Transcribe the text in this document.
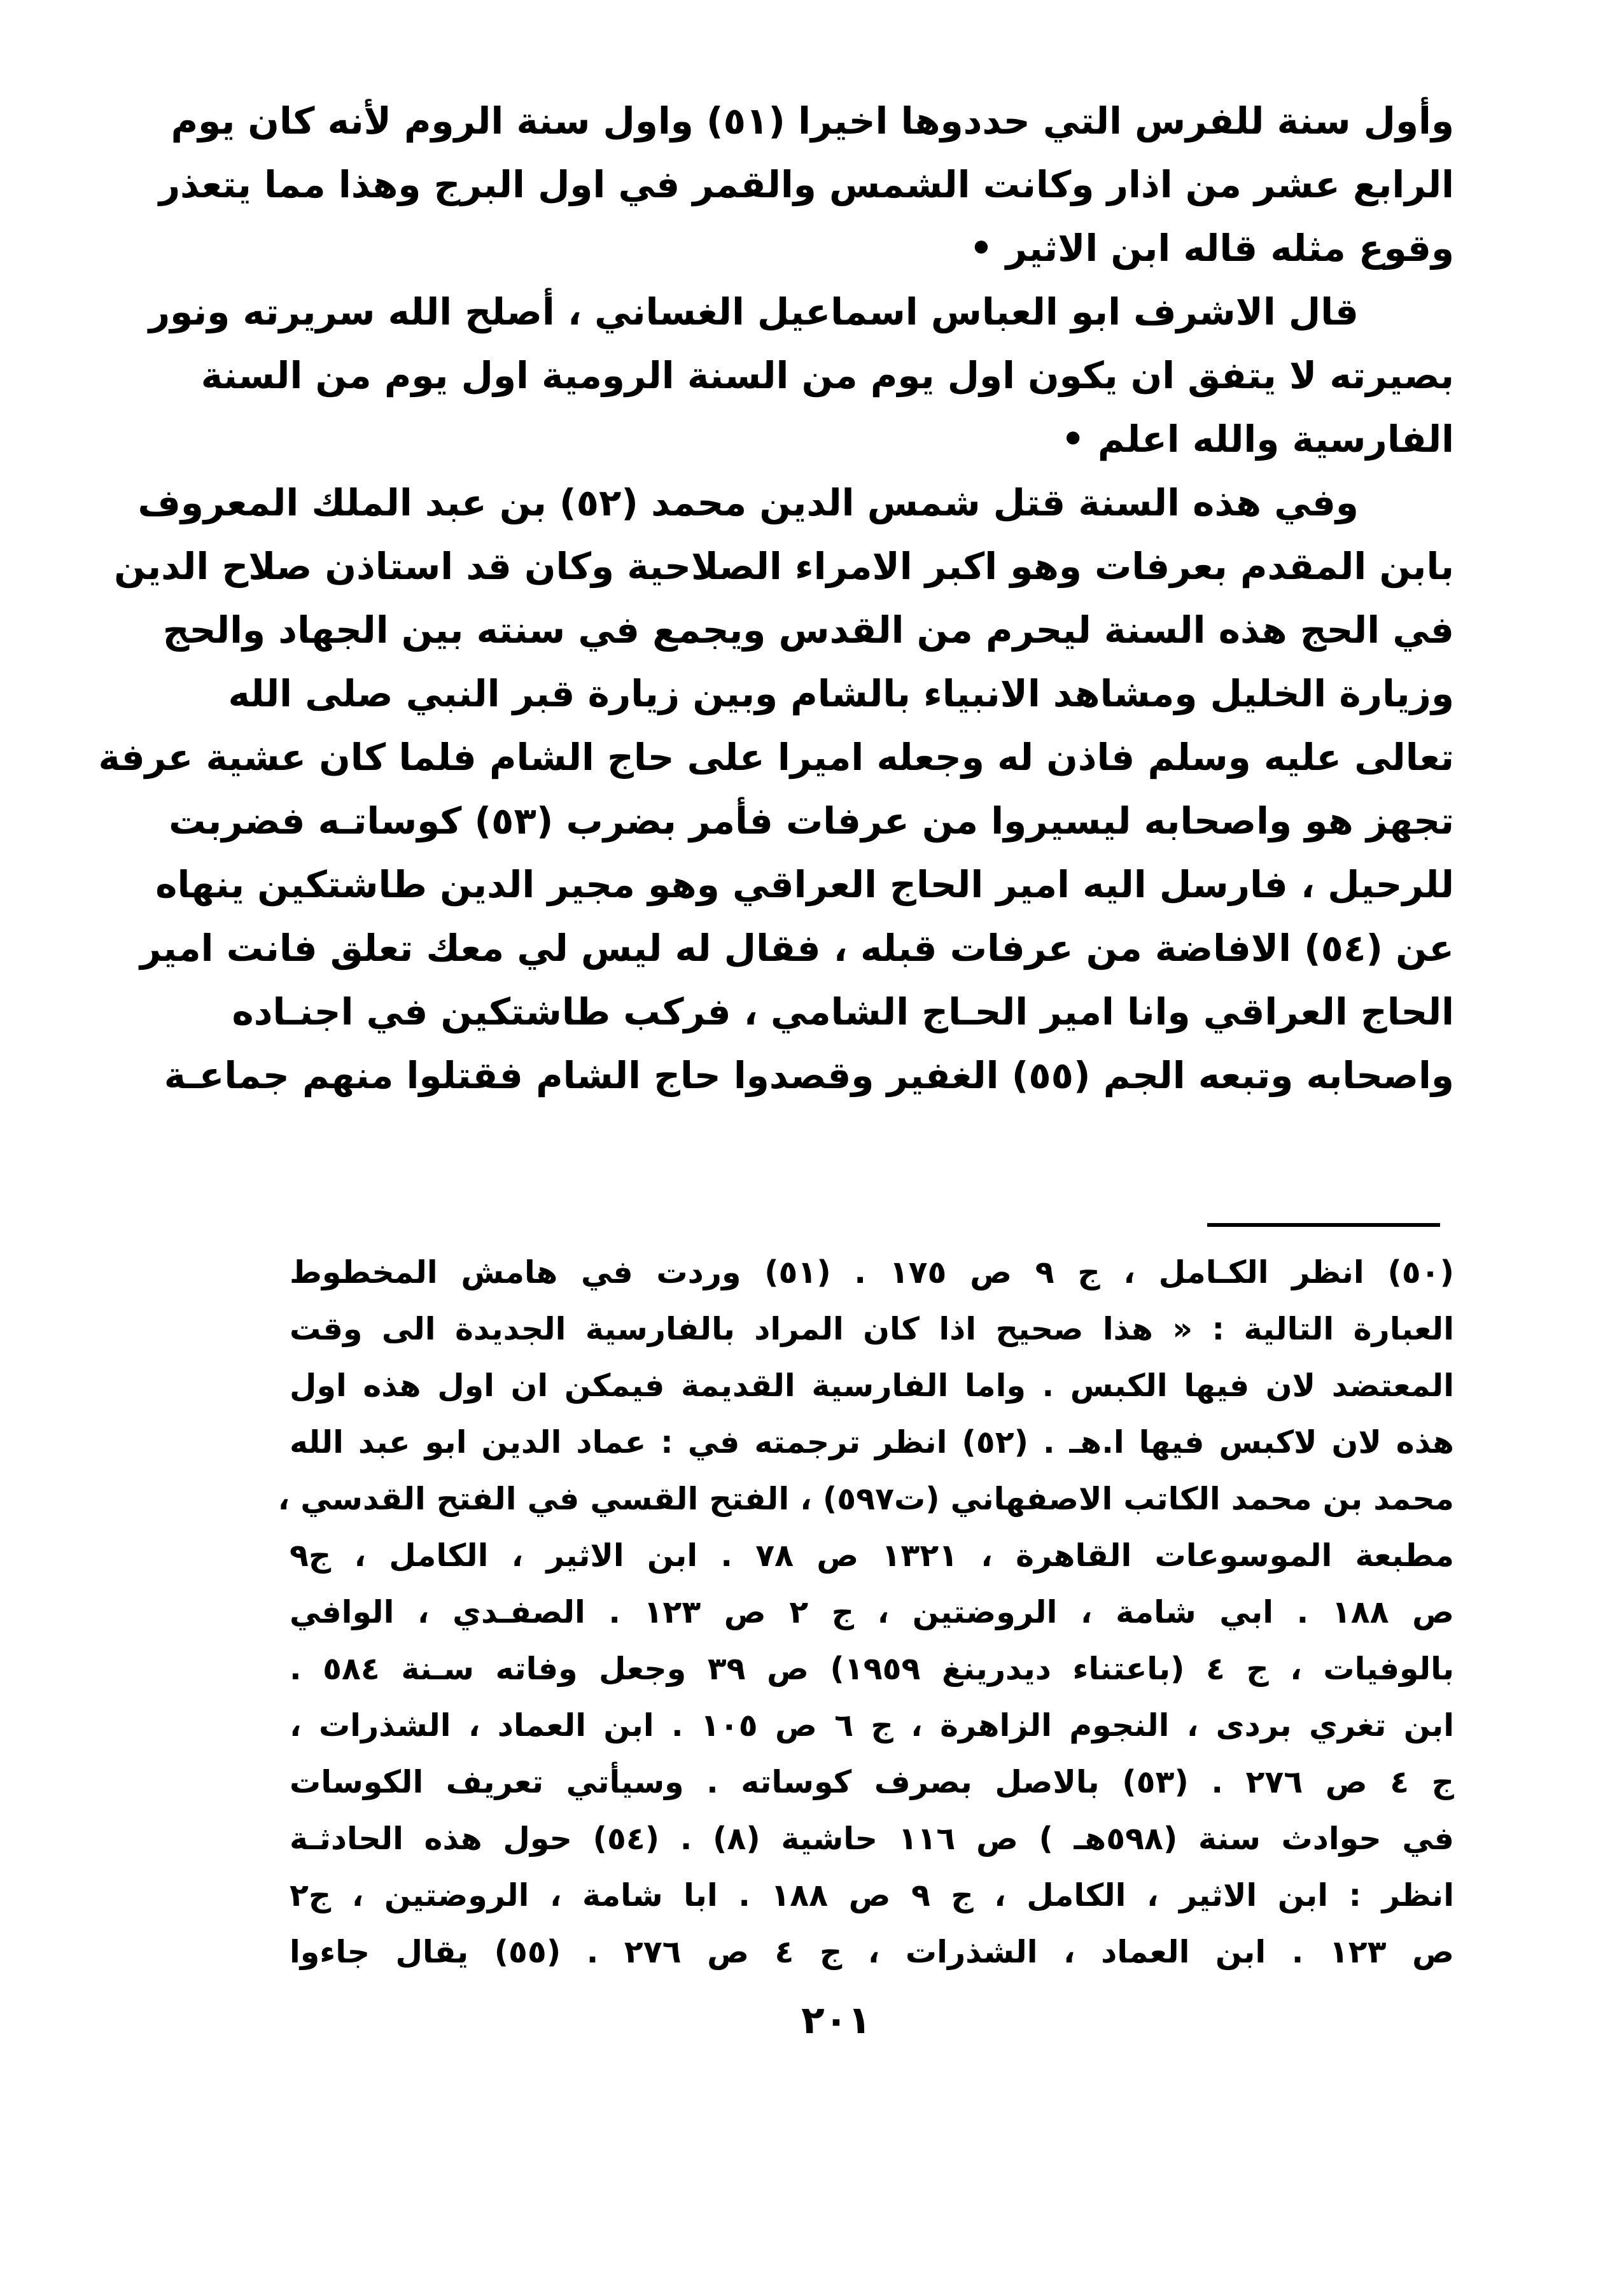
وأول سنة للفرس التي حددوها اخيرا (٥١) واول سنة الروم لأنه كان يوم
الرابع عشر من اذار وكانت الشمس والقمر في اول البرج وهذا مما يتعذر
وقوع مثله قاله ابن الاثير •
قال الاشرف ابو العباس اسماعيل الغساني ، أصلح الله سريرته ونور
بصيرته لا يتفق ان يكون اول يوم من السنة الرومية اول يوم من السنة
الفارسية والله اعلم •
وفي هذه السنة قتل شمس الدين محمد (٥٢) بن عبد الملك المعروف
بابن المقدم بعرفات وهو اكبر الامراء الصلاحية وكان قد استاذن صلاح الدين
في الحج هذه السنة ليحرم من القدس ويجمع في سنته بين الجهاد والحج
وزيارة الخليل ومشاهد الانبياء بالشام وبين زيارة قبر النبي صلى الله
تعالى عليه وسلم فاذن له وجعله اميرا على حاج الشام فلما كان عشية عرفة
تجهز هو واصحابه ليسيروا من عرفات فأمر بضرب (٥٣) كوساتـه فضربت
للرحيل ، فارسل اليه امير الحاج العراقي وهو مجير الدين طاشتكين ينهاه
عن (٥٤) الافاضة من عرفات قبله ، فقال له ليس لي معك تعلق فانت امير
الحاج العراقي وانا امير الحـاج الشامي ، فركب طاشتكين في اجنـاده
واصحابه وتبعه الجم (٥٥) الغفير وقصدوا حاج الشام فقتلوا منهم جماعـة
(٥٠) انظر الكـامل ، ج ٩ ص ١٧٥ . (٥١) وردت في هامش المخطوط
العبارة التالية : « هذا صحيح اذا كان المراد بالفارسية الجديدة الى وقت
المعتضد لان فيها الكبس . واما الفارسية القديمة فيمكن ان اول هذه اول
هذه لان لاكبس فيها ا.هـ . (٥٢) انظر ترجمته في : عماد الدين ابو عبد الله
محمد بن محمد الكاتب الاصفهاني (ت٥٩٧) ، الفتح القسي في الفتح القدسي ،
مطبعة الموسوعات القاهرة ، ١٣٢١ ص ٧٨ . ابن الاثير ، الكامل ، ج٩
ص ١٨٨ . ابي شامة ، الروضتين ، ج ٢ ص ١٢٣ . الصفـدي ، الوافي
بالوفيات ، ج ٤ (باعتناء ديدرينغ ١٩٥٩) ص ٣٩ وجعل وفاته سـنة ٥٨٤ .
ابن تغري بردى ، النجوم الزاهرة ، ج ٦ ص ١٠٥ . ابن العماد ، الشذرات ،
ج ٤ ص ٢٧٦ . (٥٣) بالاصل بصرف كوساته . وسيأتي تعريف الكوسات
في حوادث سنة (٥٩٨هـ ) ص ١١٦ حاشية (٨) . (٥٤) حول هذه الحادثـة
انظر : ابن الاثير ، الكامل ، ج ٩ ص ١٨٨ . ابا شامة ، الروضتين ، ج٢
ص ١٢٣ . ابن العماد ، الشذرات ، ج ٤ ص ٢٧٦ . (٥٥) يقال جاءوا
٢٠١
